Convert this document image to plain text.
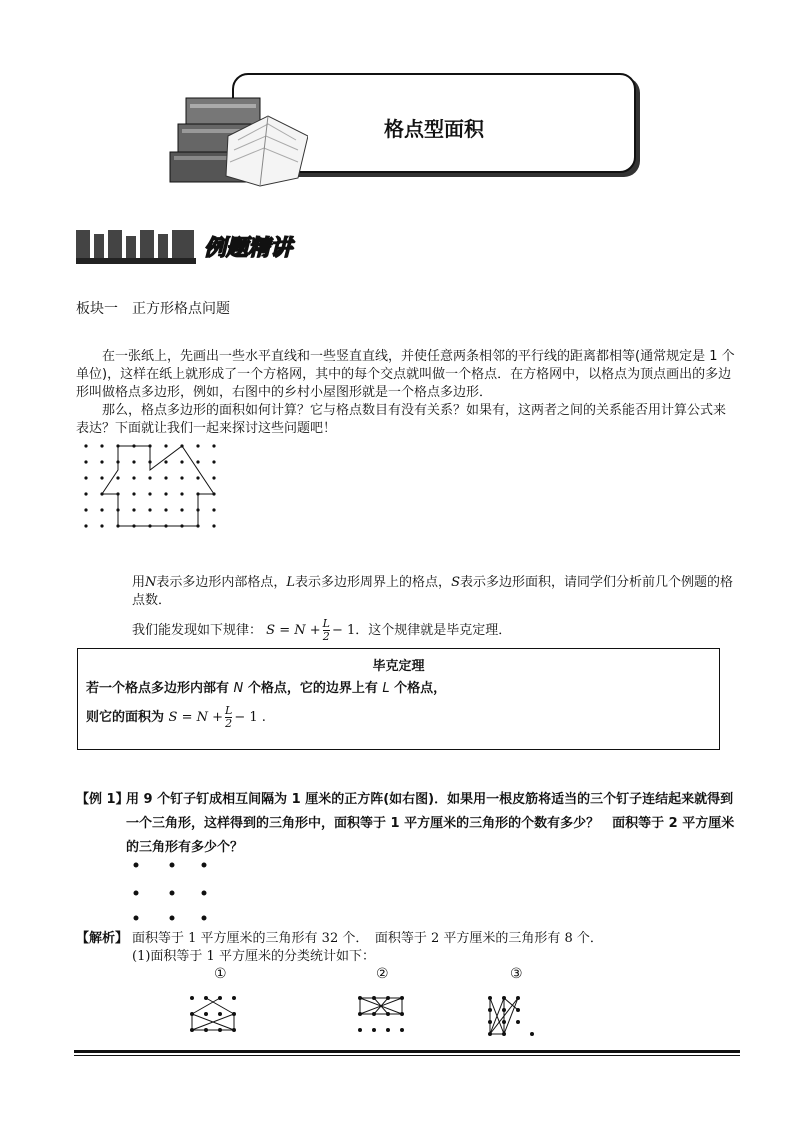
格点型面积
例题精讲
板块一　正方形格点问题
在一张纸上，先画出一些水平直线和一些竖直直线，并使任意两条相邻的平行线的距离都相等(通常规定是 1 个单位)，这样在纸上就形成了一个方格网，其中的每个交点就叫做一个格点．在方格网中，以格点为顶点画出的多边形叫做格点多边形，例如，右图中的乡村小屋图形就是一个格点多边形．
那么，格点多边形的面积如何计算？它与格点数目有没有关系？如果有，这两者之间的关系能否用计算公式来表达？下面就让我们一起来探讨这些问题吧！
用N表示多边形内部格点，L表示多边形周界上的格点，S表示多边形面积，请同学们分析前几个例题的格点数．
我们能发现如下规律： $S = N + \frac{L}{2} - 1$．这个规律就是毕克定理．
毕克定理
若一个格点多边形内部有 N 个格点，它的边界上有 L 个格点，
则它的面积为 $S = N + \frac{L}{2} - 1$ .
【例 1】
用 9 个钉子钉成相互间隔为 1 厘米的正方阵(如右图)．如果用一根皮筋将适当的三个钉子连结起来就得到一个三角形，这样得到的三角形中，面积等于 1 平方厘米的三角形的个数有多少？　面积等于 2 平方厘米的三角形有多少个？
【解析】 面积等于 1 平方厘米的三角形有 32 个．　面积等于 2 平方厘米的三角形有 8 个．
(1)面积等于 1 平方厘米的分类统计如下：
①	②	③
